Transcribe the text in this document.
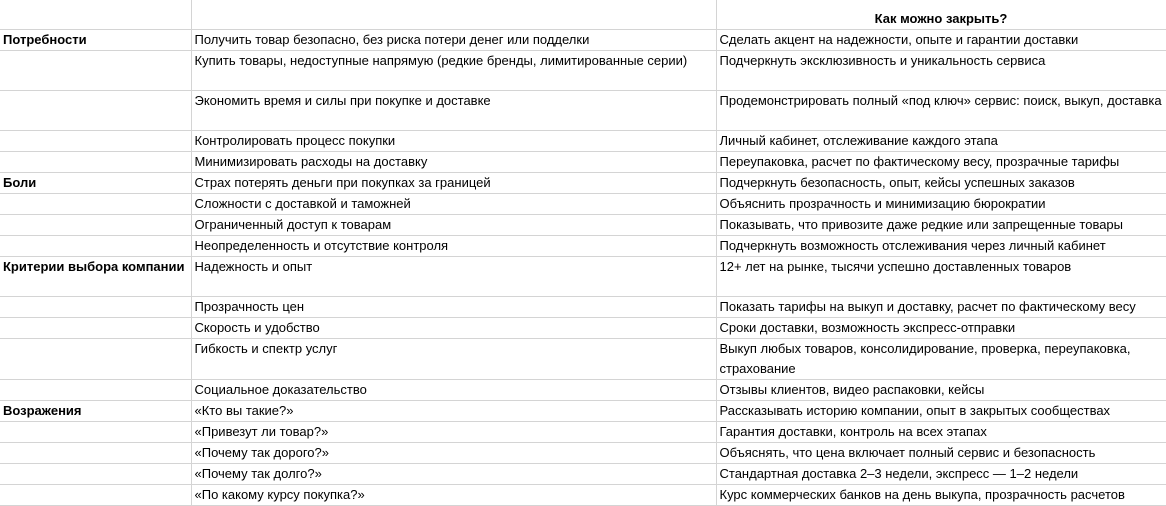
		Как можно закрыть?
Потребности	Получить товар безопасно, без риска потери денег или подделки	Сделать акцент на надежности, опыте и гарантии доставки
	Купить товары, недоступные напрямую (редкие бренды, лимитированные серии)	Подчеркнуть эксклюзивность и уникальность сервиса
	Экономить время и силы при покупке и доставке	Продемонстрировать полный «под ключ» сервис: поиск, выкуп, доставка
	Контролировать процесс покупки	Личный кабинет, отслеживание каждого этапа
	Минимизировать расходы на доставку	Переупаковка, расчет по фактическому весу, прозрачные тарифы
Боли	Страх потерять деньги при покупках за границей	Подчеркнуть безопасность, опыт, кейсы успешных заказов
	Сложности с доставкой и таможней	Объяснить прозрачность и минимизацию бюрократии
	Ограниченный доступ к товарам	Показывать, что привозите даже редкие или запрещенные товары
	Неопределенность и отсутствие контроля	Подчеркнуть возможность отслеживания через личный кабинет
Критерии выбора компании	Надежность и опыт	12+ лет на рынке, тысячи успешно доставленных товаров
	Прозрачность цен	Показать тарифы на выкуп и доставку, расчет по фактическому весу
	Скорость и удобство	Сроки доставки, возможность экспресс-отправки
	Гибкость и спектр услуг	Выкуп любых товаров, консолидирование, проверка, переупаковка, страхование
	Социальное доказательство	Отзывы клиентов, видео распаковки, кейсы
Возражения	«Кто вы такие?»	Рассказывать историю компании, опыт в закрытых сообществах
	«Привезут ли товар?»	Гарантия доставки, контроль на всех этапах
	«Почему так дорого?»	Объяснять, что цена включает полный сервис и безопасность
	«Почему так долго?»	Стандартная доставка 2–3 недели, экспресс — 1–2 недели
	«По какому курсу покупка?»	Курс коммерческих банков на день выкупа, прозрачность расчетов
